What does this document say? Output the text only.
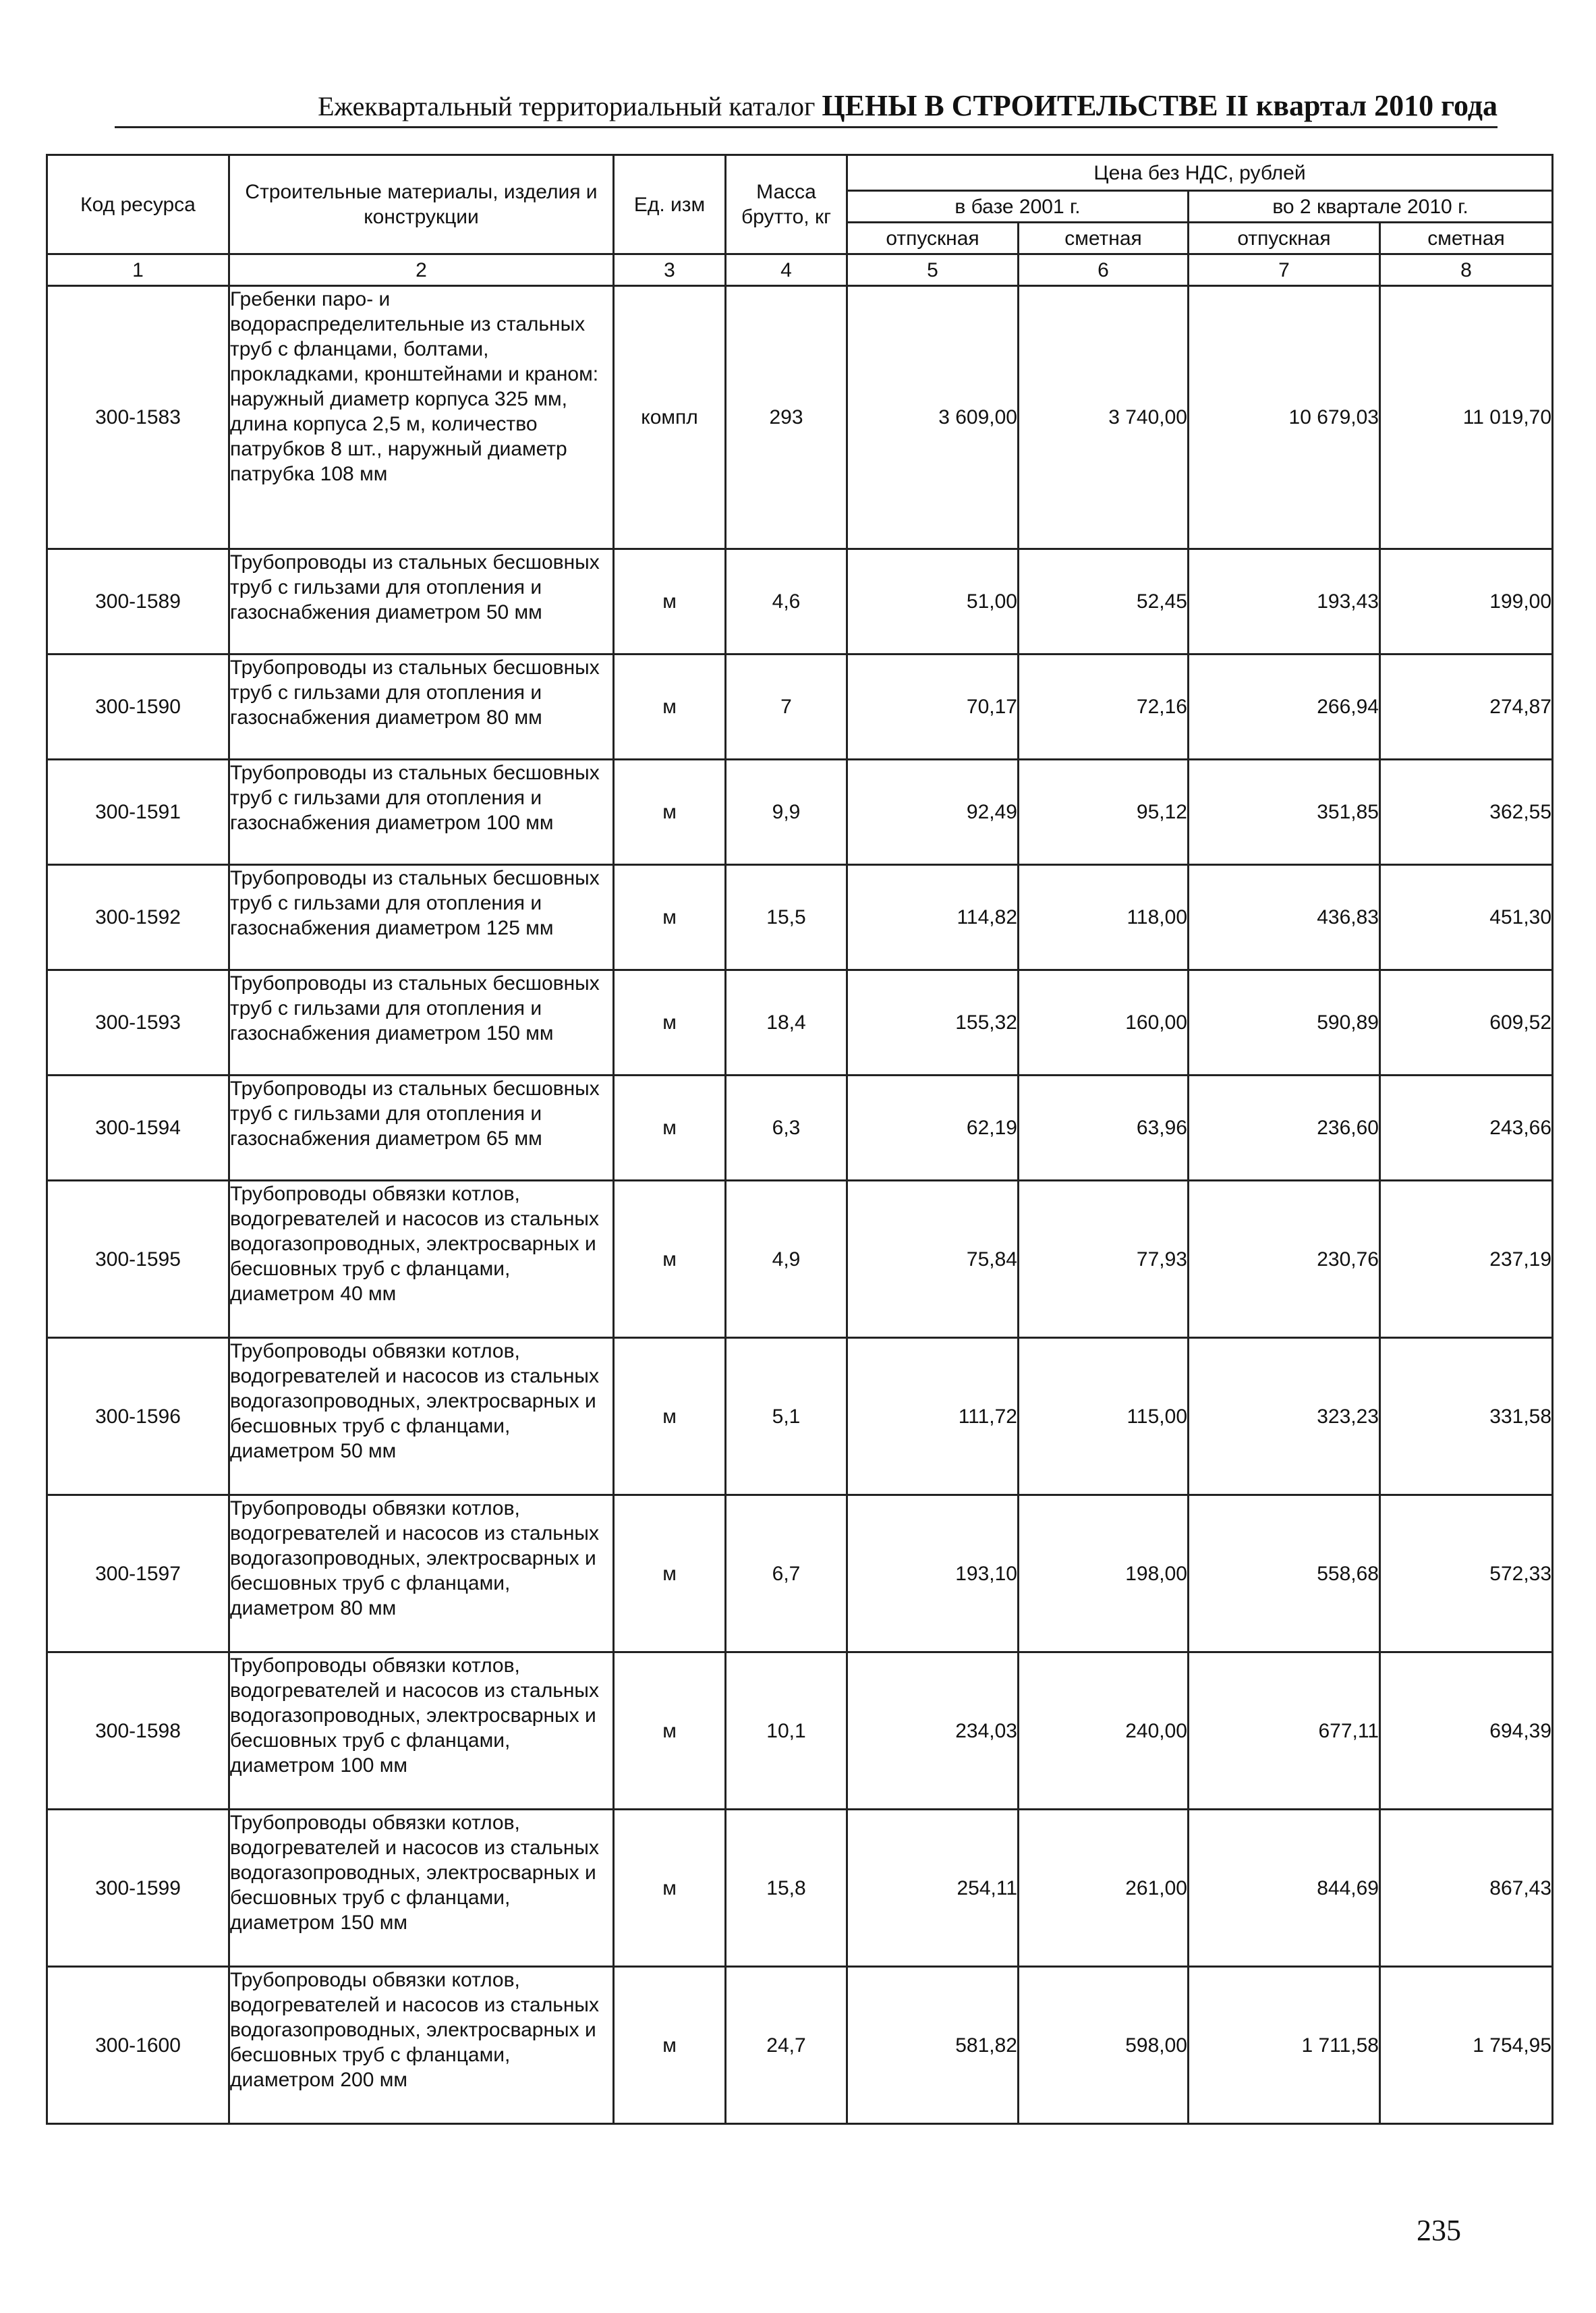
Ежеквартальный территориальный каталог ЦЕНЫ В СТРОИТЕЛЬСТВЕ II квартал 2010 года
Код ресурса	Строительные материалы, изделия и конструкции	Ед. изм	Масса брутто, кг	Цена без НДС, рублей			
				в базе 2001 г.		во 2 квартале 2010 г.	
				отпускная	сметная	отпускная	сметная
1	2	3	4	5	6	7	8
300-1583	Гребенки паро- и водораспределительные из стальных труб с фланцами, болтами, прокладками, кронштейнами и краном: наружный диаметр корпуса 325 мм, длина корпуса 2,5 м, количество патрубков 8 шт., наружный диаметр патрубка 108 мм	компл	293	3 609,00	3 740,00	10 679,03	11 019,70
300-1589	Трубопроводы из стальных бесшовных труб с гильзами для отопления и газоснабжения диаметром 50 мм	м	4,6	51,00	52,45	193,43	199,00
300-1590	Трубопроводы из стальных бесшовных труб с гильзами для отопления и газоснабжения диаметром 80 мм	м	7	70,17	72,16	266,94	274,87
300-1591	Трубопроводы из стальных бесшовных труб с гильзами для отопления и газоснабжения диаметром 100 мм	м	9,9	92,49	95,12	351,85	362,55
300-1592	Трубопроводы из стальных бесшовных труб с гильзами для отопления и газоснабжения диаметром 125 мм	м	15,5	114,82	118,00	436,83	451,30
300-1593	Трубопроводы из стальных бесшовных труб с гильзами для отопления и газоснабжения диаметром 150 мм	м	18,4	155,32	160,00	590,89	609,52
300-1594	Трубопроводы из стальных бесшовных труб с гильзами для отопления и газоснабжения диаметром 65 мм	м	6,3	62,19	63,96	236,60	243,66
300-1595	Трубопроводы обвязки котлов, водогревателей и насосов из стальных водогазопроводных, электросварных и бесшовных труб с фланцами, диаметром 40 мм	м	4,9	75,84	77,93	230,76	237,19
300-1596	Трубопроводы обвязки котлов, водогревателей и насосов из стальных водогазопроводных, электросварных и бесшовных труб с фланцами, диаметром 50 мм	м	5,1	111,72	115,00	323,23	331,58
300-1597	Трубопроводы обвязки котлов, водогревателей и насосов из стальных водогазопроводных, электросварных и бесшовных труб с фланцами, диаметром 80 мм	м	6,7	193,10	198,00	558,68	572,33
300-1598	Трубопроводы обвязки котлов, водогревателей и насосов из стальных водогазопроводных, электросварных и бесшовных труб с фланцами, диаметром 100 мм	м	10,1	234,03	240,00	677,11	694,39
300-1599	Трубопроводы обвязки котлов, водогревателей и насосов из стальных водогазопроводных, электросварных и бесшовных труб с фланцами, диаметром 150 мм	м	15,8	254,11	261,00	844,69	867,43
300-1600	Трубопроводы обвязки котлов, водогревателей и насосов из стальных водогазопроводных, электросварных и бесшовных труб с фланцами, диаметром 200 мм	м	24,7	581,82	598,00	1 711,58	1 754,95
235
